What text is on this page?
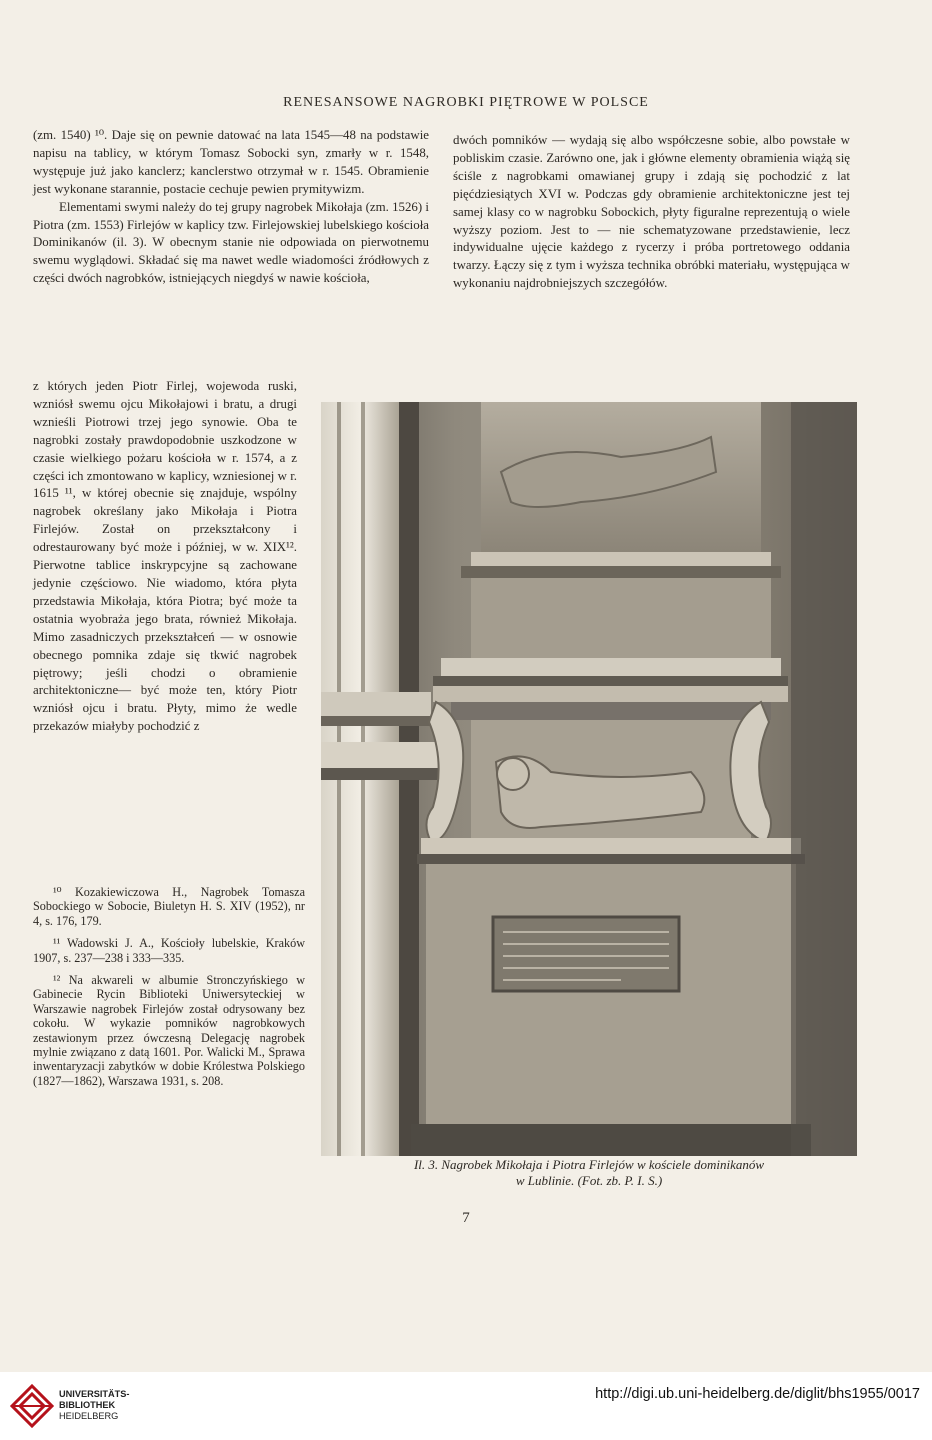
RENESANSOWE NAGROBKI PIĘTROWE W POLSCE

(zm. 1540) ¹⁰. Daje się on pewnie datować na lata 1545—48 na podstawie napisu na tablicy, w którym Tomasz Sobocki syn, zmarły w r. 1548, występuje już jako kanclerz; kanclerstwo otrzymał w r. 1545. Obramienie jest wykonane starannie, postacie cechuje pewien prymitywizm.

Elementami swymi należy do tej grupy nagrobek Mikołaja (zm. 1526) i Piotra (zm. 1553) Firlejów w kaplicy tzw. Firlejowskiej lubelskiego kościoła Dominikanów (il. 3). W obecnym stanie nie odpowiada on pierwotnemu swemu wyglądowi. Składać się ma nawet wedle wiadomości źródłowych z części dwóch nagrobków, istniejących niegdyś w nawie kościoła,

z których jeden Piotr Firlej, wojewoda ruski, wzniósł swemu ojcu Mikołajowi i bratu, a drugi wznieśli Piotrowi trzej jego synowie. Oba te nagrobki zostały prawdopodobnie uszkodzone w czasie wielkiego pożaru kościoła w r. 1574, a z części ich zmontowano w kaplicy, wzniesionej w r. 1615 ¹¹, w której obecnie się znajduje, wspólny nagrobek określany jako Mikołaja i Piotra Firlejów. Został on przekształcony i odrestaurowany być może i później, w w. XIX¹². Pierwotne tablice inskrypcyjne są zachowane jedynie częściowo. Nie wiadomo, która płyta przedstawia Mikołaja, która Piotra; być może ta ostatnia wyobraża jego brata, również Mikołaja. Mimo zasadniczych przekształceń — w osnowie obecnego pomnika zdaje się tkwić nagrobek piętrowy; jeśli chodzi o obramienie architektoniczne— być może ten, który Piotr wzniósł ojcu i bratu. Płyty, mimo że wedle przekazów miałyby pochodzić z

dwóch pomników — wydają się albo współczesne sobie, albo powstałe w pobliskim czasie. Zarówno one, jak i główne elementy obramienia wiążą się ściśle z nagrobkami omawianej grupy i zdają się pochodzić z lat pięćdziesiątych XVI w. Podczas gdy obramienie architektoniczne jest tej samej klasy co w nagrobku Sobockich, płyty figuralne reprezentują o wiele wyższy poziom. Jest to — nie schematyzowane przedstawienie, lecz indywidualne ujęcie każdego z rycerzy i próba portretowego oddania twarzy. Łączy się z tym i wyższa technika obróbki materiału, występująca w wykonaniu najdrobniejszych szczegółów.

Il. 3. Nagrobek Mikołaja i Piotra Firlejów w kościele dominikanów
w Lublinie. (Fot. zb. P. I. S.)

¹⁰ Kozakiewiczowa H., Nagrobek Tomasza Sobockiego w Sobocie, Biuletyn H. S. XIV (1952), nr 4, s. 176, 179.

¹¹ Wadowski J. A., Kościoły lubelskie, Kraków 1907, s. 237—238 i 333—335.

¹² Na akwareli w albumie Stronczyńskiego w Gabinecie Rycin Biblioteki Uniwersyteckiej w Warszawie nagrobek Firlejów został odrysowany bez cokołu. W wykazie pomników nagrobkowych zestawionym przez ówczesną Delegację nagrobek mylnie związano z datą 1601. Por. Walicki M., Sprawa inwentaryzacji zabytków w dobie Królestwa Polskiego (1827—1862), Warszawa 1931, s. 208.

7
UNIVERSITÄTS-
BIBLIOTHEK
HEIDELBERG
http://digi.ub.uni-heidelberg.de/diglit/bhs1955/0017
